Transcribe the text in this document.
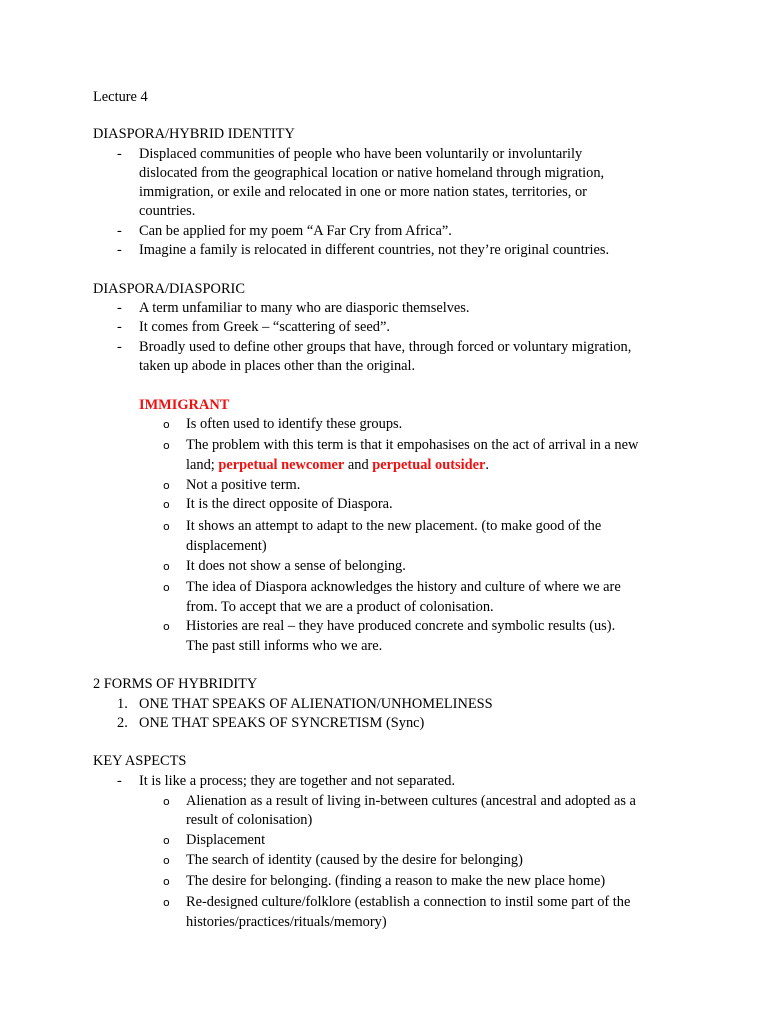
Lecture 4
DIASPORA/HYBRID IDENTITY
- Displaced communities of people who have been voluntarily or involuntarily
dislocated from the geographical location or native homeland through migration,
immigration, or exile and relocated in one or more nation states, territories, or
countries.
- Can be applied for my poem “A Far Cry from Africa”.
- Imagine a family is relocated in different countries, not they’re original countries.
DIASPORA/DIASPORIC
- A term unfamiliar to many who are diasporic themselves.
- It comes from Greek – “scattering of seed”.
- Broadly used to define other groups that have, through forced or voluntary migration,
taken up abode in places other than the original.
IMMIGRANT
o Is often used to identify these groups.
o The problem with this term is that it empohasises on the act of arrival in a new
land; perpetual newcomer and perpetual outsider.
o Not a positive term.
o It is the direct opposite of Diaspora.
o It shows an attempt to adapt to the new placement. (to make good of the
displacement)
o It does not show a sense of belonging.
o The idea of Diaspora acknowledges the history and culture of where we are
from. To accept that we are a product of colonisation.
o Histories are real – they have produced concrete and symbolic results (us).
The past still informs who we are.
2 FORMS OF HYBRIDITY
1. ONE THAT SPEAKS OF ALIENATION/UNHOMELINESS
2. ONE THAT SPEAKS OF SYNCRETISM (Sync)
KEY ASPECTS
- It is like a process; they are together and not separated.
o Alienation as a result of living in-between cultures (ancestral and adopted as a
result of colonisation)
o Displacement
o The search of identity (caused by the desire for belonging)
o The desire for belonging. (finding a reason to make the new place home)
o Re-designed culture/folklore (establish a connection to instil some part of the
histories/practices/rituals/memory)
